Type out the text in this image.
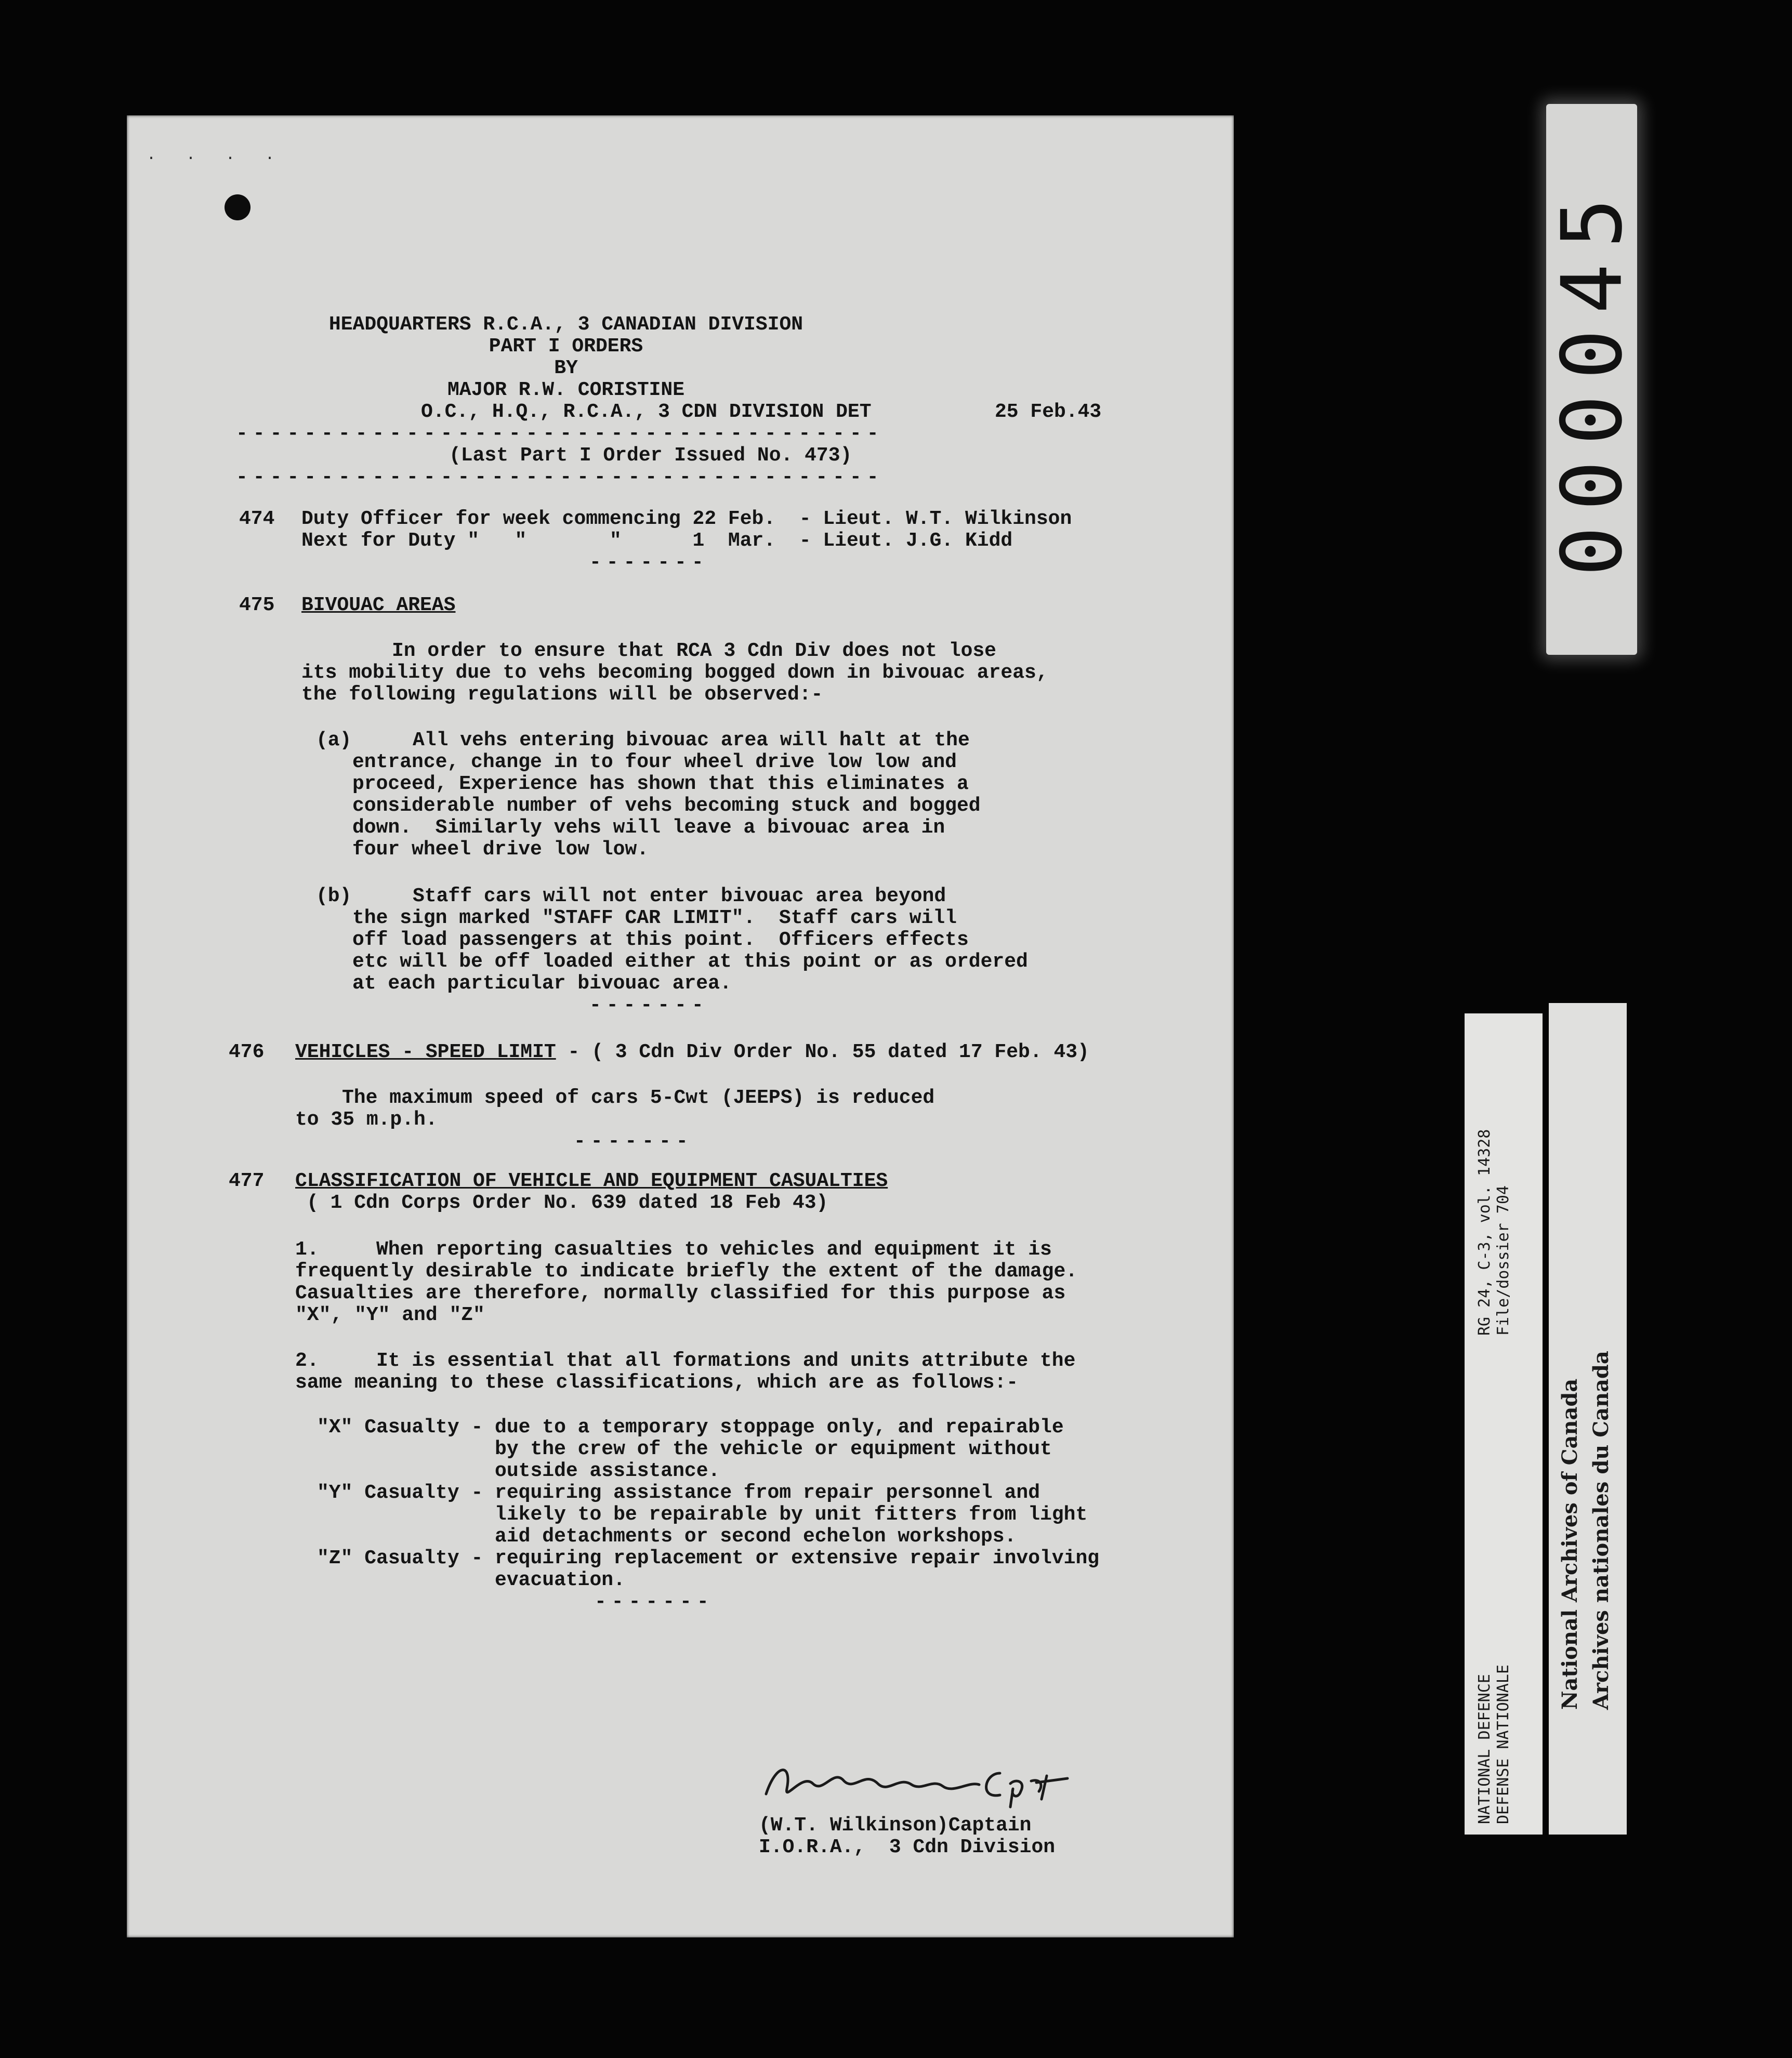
. . . .
HEADQUARTERS R.C.A., 3 CANADIAN DIVISION
PART I ORDERS
BY
MAJOR R.W. CORISTINE
O.C., H.Q., R.C.A., 3 CDN DIVISION DET	25 Feb.43
--------------------------------------
(Last Part I Order Issued No. 473)
--------------------------------------
474 Duty Officer for week commencing 22 Feb.  - Lieut. W.T. Wilkinson
Next for Duty "   "       "      1  Mar.  - Lieut. J.G. Kidd
-------
475 BIVOUAC AREAS
In order to ensure that RCA 3 Cdn Div does not lose
its mobility due to vehs becoming bogged down in bivouac areas,
the following regulations will be observed:-
(a)	All vehs entering bivouac area will halt at the
entrance, change in to four wheel drive low low and
proceed, Experience has shown that this eliminates a
considerable number of vehs becoming stuck and bogged
down.  Similarly vehs will leave a bivouac area in
four wheel drive low low.
(b)	Staff cars will not enter bivouac area beyond
the sign marked "STAFF CAR LIMIT".  Staff cars will
off load passengers at this point.  Officers effects
etc will be off loaded either at this point or as ordered
at each particular bivouac area.
-------
476 VEHICLES - SPEED LIMIT - ( 3 Cdn Div Order No. 55 dated 17 Feb. 43)
The maximum speed of cars 5-Cwt (JEEPS) is reduced
to 35 m.p.h.
-------
477 CLASSIFICATION OF VEHICLE AND EQUIPMENT CASUALTIES
( 1 Cdn Corps Order No. 639 dated 18 Feb 43)
1.	When reporting casualties to vehicles and equipment it is
frequently desirable to indicate briefly the extent of the damage.
Casualties are therefore, normally classified for this purpose as
"X", "Y" and "Z"
2.	It is essential that all formations and units attribute the
same meaning to these classifications, which are as follows:-
"X" Casualty - due to a temporary stoppage only, and repairable
by the crew of the vehicle or equipment without
outside assistance.
"Y" Casualty - requiring assistance from repair personnel and
likely to be repairable by unit fitters from light
aid detachments or second echelon workshops.
"Z" Casualty - requiring replacement or extensive repair involving
evacuation.
-------
(W.T. Wilkinson)Captain
I.O.R.A.,  3 Cdn Division
000045
RG 24, C-3, vol. 14328 File/dossier 704
NATIONAL DEFENCE DEFENSE NATIONALE
National Archives of Canada Archives nationales du Canada
